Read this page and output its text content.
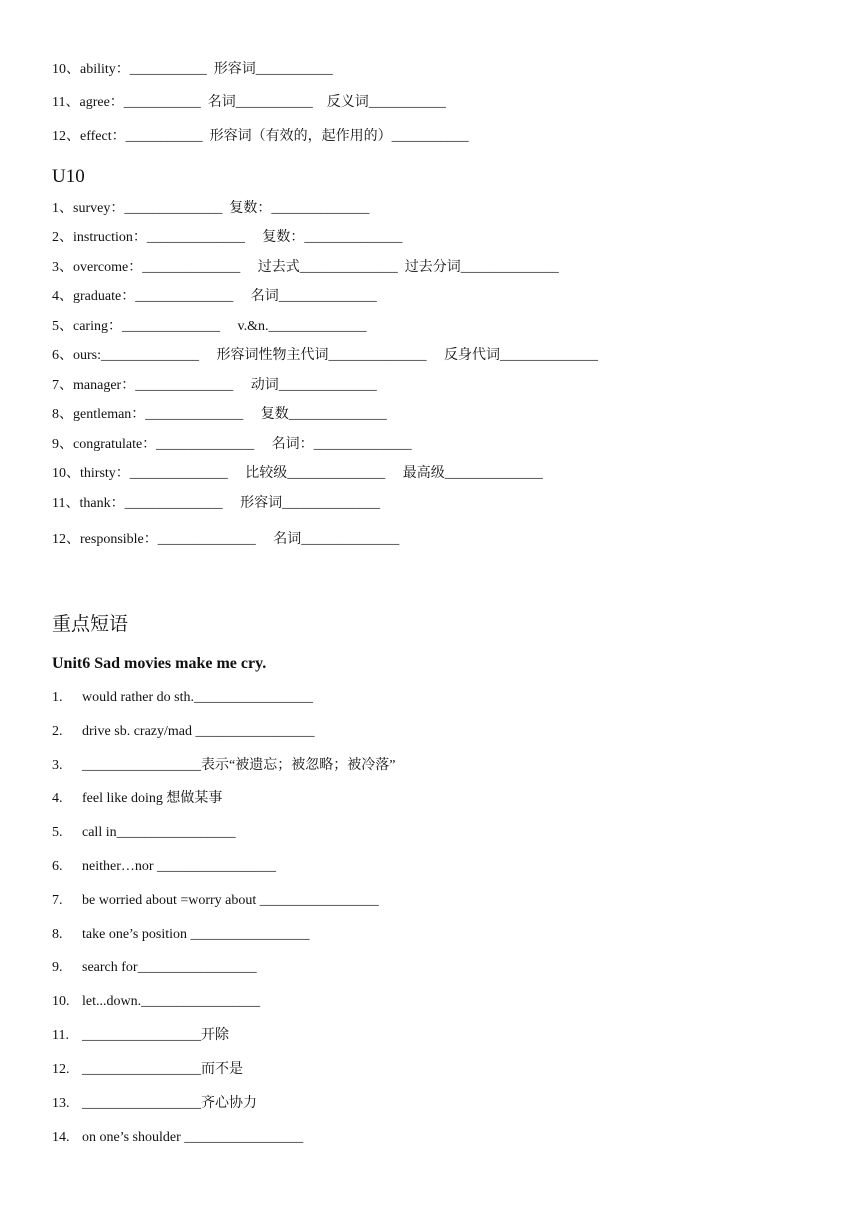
10、ability：___________  形容词___________
11、agree：___________  名词___________    反义词___________
12、effect：___________  形容词（有效的，起作用的）___________
U10
1、survey：______________  复数：______________
2、instruction：______________     复数：______________
3、overcome：______________     过去式______________  过去分词______________
4、graduate：______________     名词______________
5、caring：______________     v.&n.______________
6、ours:______________     形容词性物主代词______________     反身代词______________
7、manager：______________     动词______________
8、gentleman：______________     复数______________
9、congratulate：______________     名词：______________
10、thirsty：______________     比较级______________     最高级______________
11、thank：______________     形容词______________
12、responsible：______________     名词______________
重点短语
Unit6 Sad movies make me cry.
1. would rather do sth._________________
2. drive sb. crazy/mad _________________
3. _________________表示“被遗忘；被忽略；被冷落”
4. feel like doing 想做某事
5. call in_________________
6. neither…nor _________________
7. be worried about =worry about _________________
8. take one’s position _________________
9. search for_________________
10. let...down._________________
11. _________________开除
12. _________________而不是
13. _________________齐心协力
14. on one’s shoulder _________________
